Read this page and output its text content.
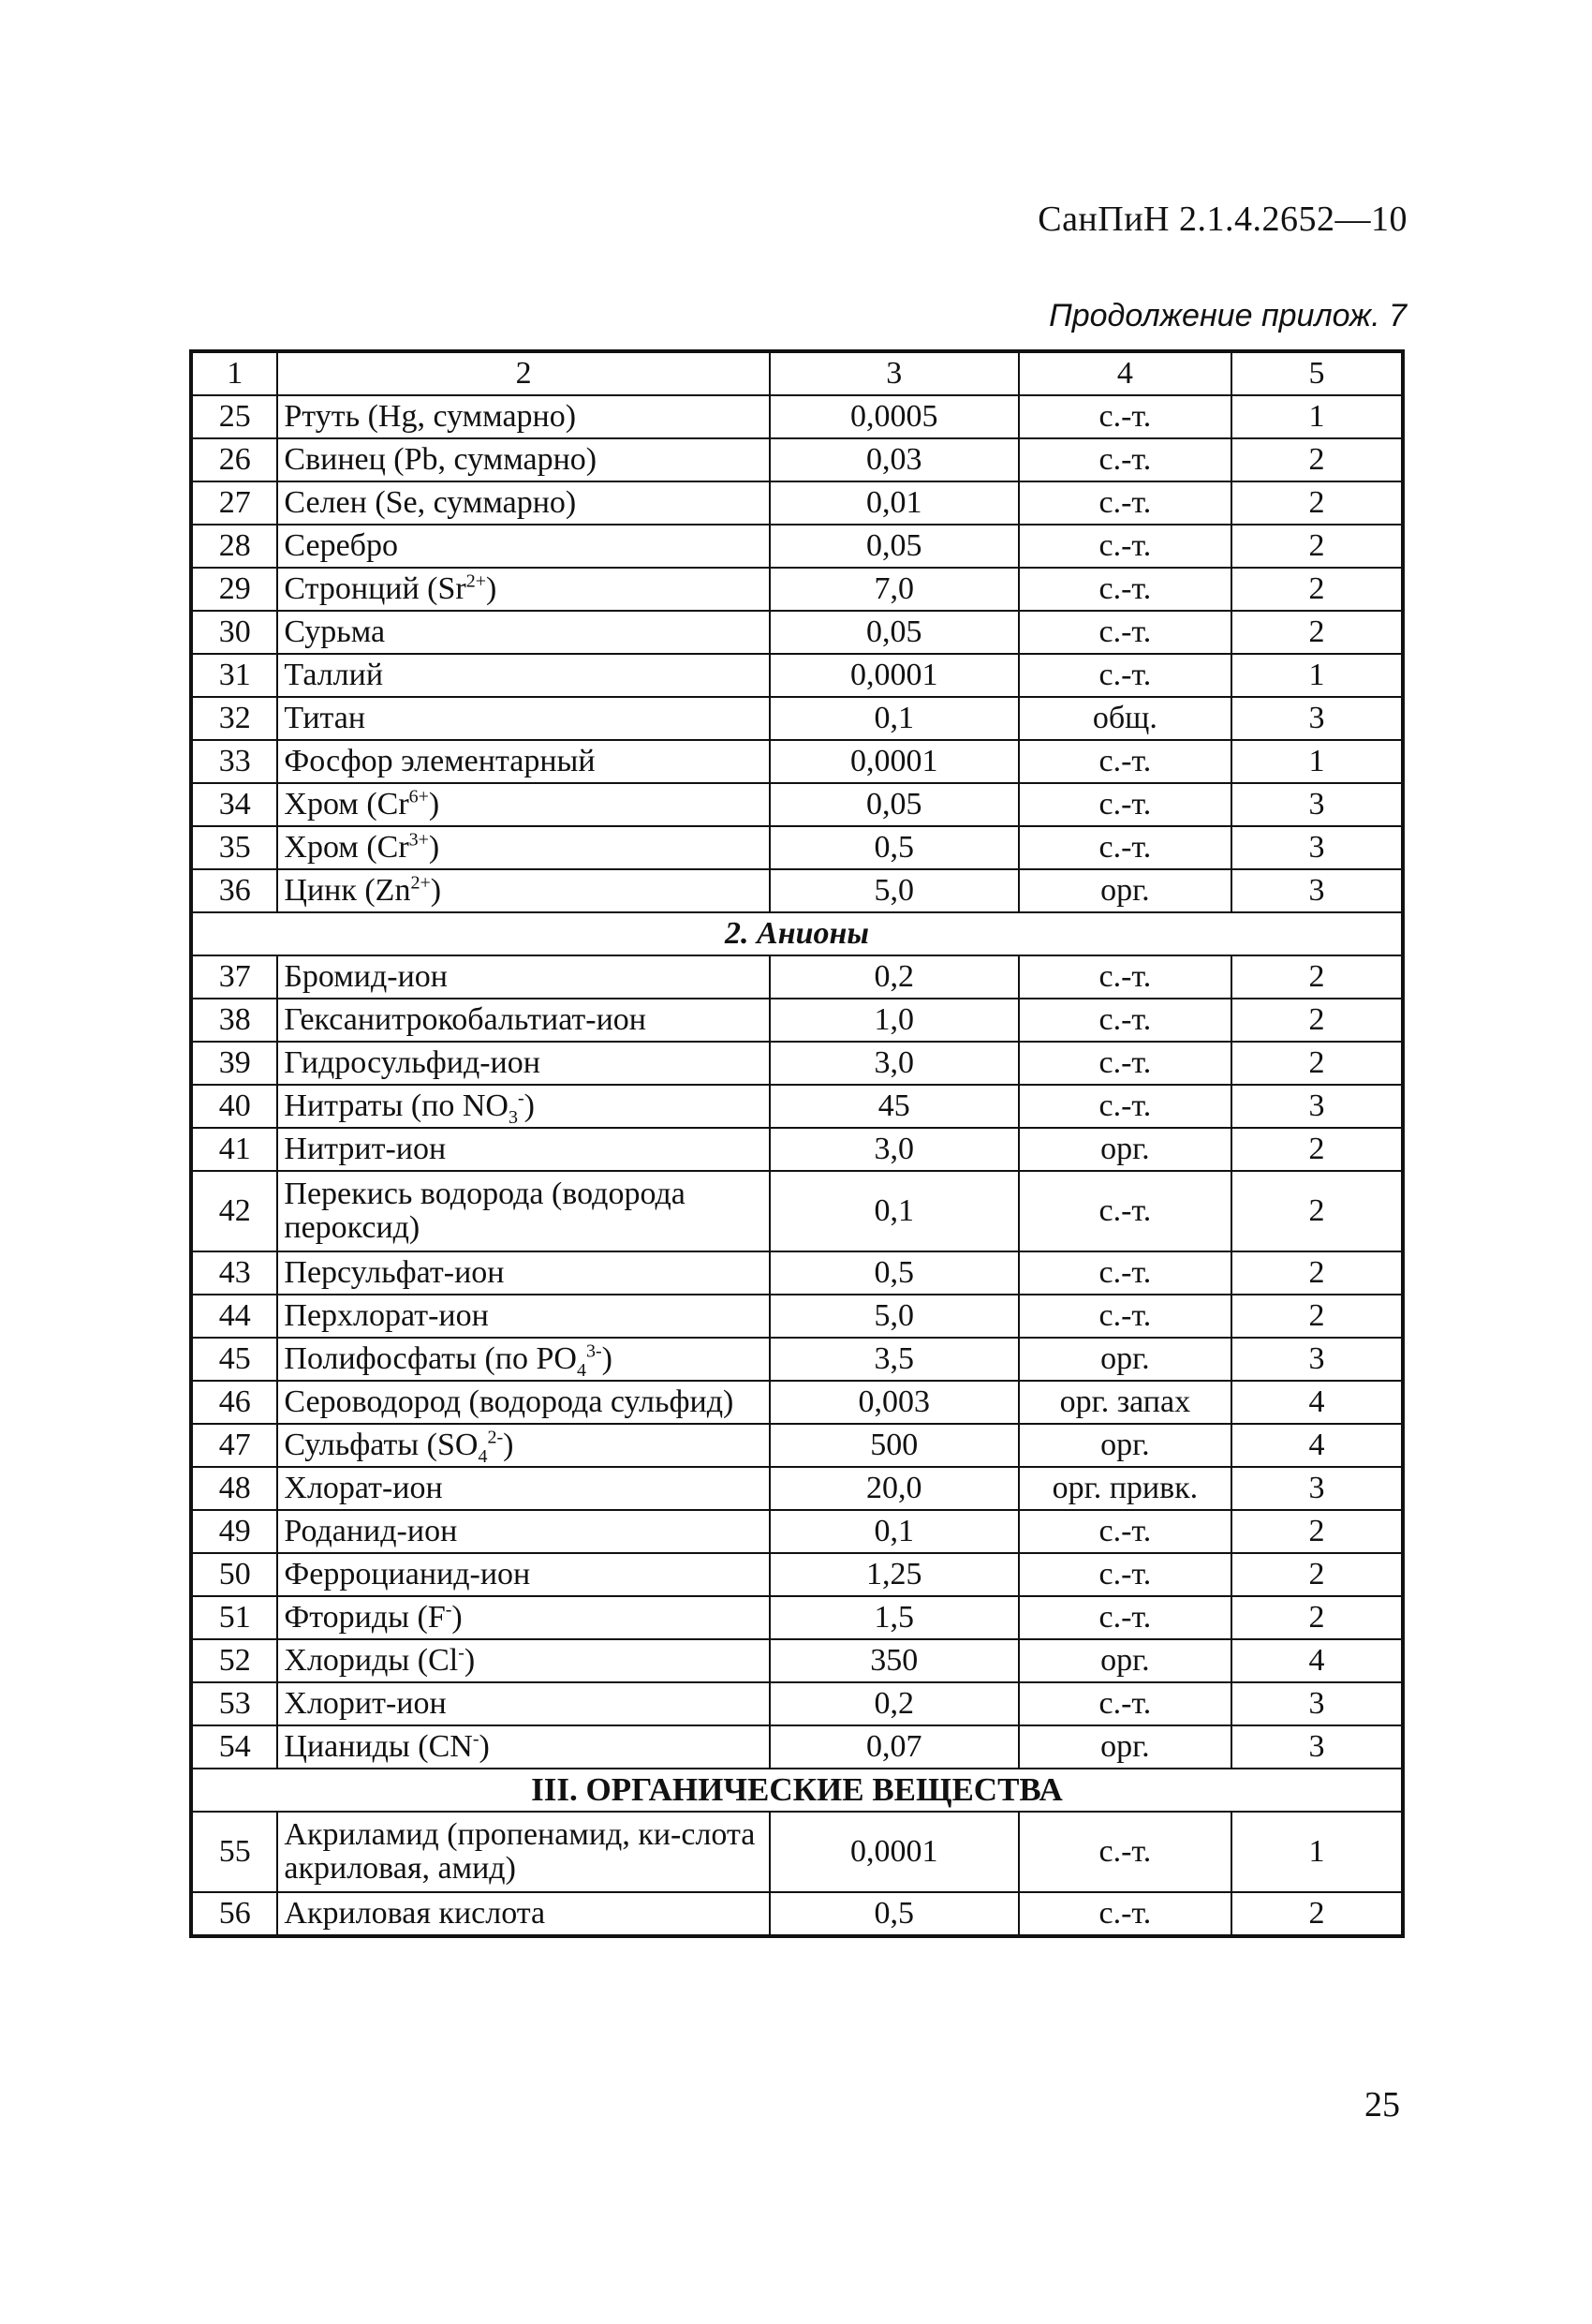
СанПиН 2.1.4.2652—10
Продолжение прилож. 7
1	2	3	4	5
25	Ртуть (Hg, суммарно)	0,0005	с.-т.	1
26	Свинец (Pb, суммарно)	0,03	с.-т.	2
27	Селен (Se, суммарно)	0,01	с.-т.	2
28	Серебро	0,05	с.-т.	2
29	Стронций $(Sr^{2+})$	7,0	с.-т.	2
30	Сурьма	0,05	с.-т.	2
31	Таллий	0,0001	с.-т.	1
32	Титан	0,1	общ.	3
33	Фосфор элементарный	0,0001	с.-т.	1
34	Хром $(Cr^{6+})$	0,05	с.-т.	3
35	Хром $(Cr^{3+})$	0,5	с.-т.	3
36	Цинк $(Zn^{2+})$	5,0	орг.	3
2. Анионы				
37	Бромид-ион	0,2	с.-т.	2
38	Гексанитрокобальтиат-ион	1,0	с.-т.	2
39	Гидросульфид-ион	3,0	с.-т.	2
40	Нитраты (по $NO_3^-$)	45	с.-т.	3
41	Нитрит-ион	3,0	орг.	2
42	Перекись водорода (водорода пероксид)	0,1	с.-т.	2
43	Персульфат-ион	0,5	с.-т.	2
44	Перхлорат-ион	5,0	с.-т.	2
45	Полифосфаты (по $PO_4^{3-}$)	3,5	орг.	3
46	Сероводород (водорода сульфид)	0,003	орг. запах	4
47	Сульфаты $(SO_4^{2-})$	500	орг.	4
48	Хлорат-ион	20,0	орг. привк.	3
49	Роданид-ион	0,1	с.-т.	2
50	Ферроцианид-ион	1,25	с.-т.	2
51	Фториды (F-)	1,5	с.-т.	2
52	Хлориды (Cl-)	350	орг.	4
53	Хлорит-ион	0,2	с.-т.	3
54	Цианиды (CN-)	0,07	орг.	3
III. ОРГАНИЧЕСКИЕ ВЕЩЕСТВА				
55	Акриламид (пропенамид, ки-слота акриловая, амид)	0,0001	с.-т.	1
56	Акриловая кислота	0,5	с.-т.	2
25
